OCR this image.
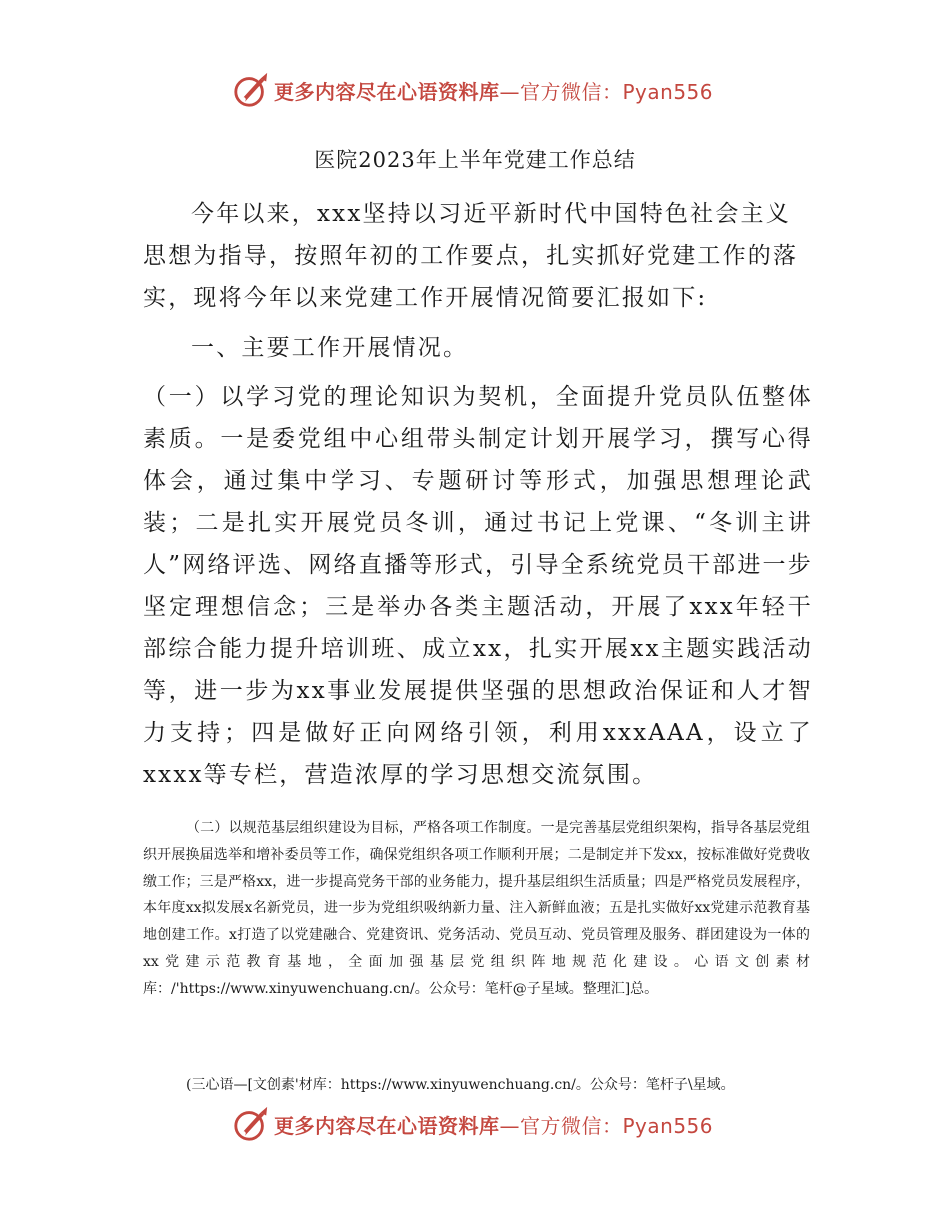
更多内容尽在心语资料库—官方微信：Pyan556
医院2023年上半年党建工作总结

今年以来，xxx坚持以习近平新时代中国特色社会主义思想为指导，按照年初的工作要点，扎实抓好党建工作的落实，现将今年以来党建工作开展情况简要汇报如下:

一、主要工作开展情况。

（一）以学习党的理论知识为契机，全面提升党员队伍整体素质。一是委党组中心组带头制定计划开展学习，撰写心得体会，通过集中学习、专题研讨等形式，加强思想理论武装；二是扎实开展党员冬训，通过书记上党课、“冬训主讲人”网络评选、网络直播等形式，引导全系统党员干部进一步坚定理想信念；三是举办各类主题活动，开展了xxx年轻干部综合能力提升培训班、成立xx，扎实开展xx主题实践活动等，进一步为xx事业发展提供坚强的思想政治保证和人才智力支持；四是做好正向网络引领，利用xxxAAA，设立了xxxx等专栏，营造浓厚的学习思想交流氛围。

（二）以规范基层组织建设为目标，严格各项工作制度。一是完善基层党组织架构，指导各基层党组织开展换届选举和增补委员等工作，确保党组织各项工作顺利开展；二是制定并下发xx，按标准做好党费收缴工作；三是严格xx，进一步提高党务干部的业务能力，提升基层组织生活质量；四是严格党员发展程序，本年度xx拟发展x名新党员，进一步为党组织吸纳新力量、注入新鲜血液；五是扎实做好xx党建示范教育基地创建工作。x打造了以党建融合、党建资讯、党务活动、党员互动、党员管理及服务、群团建设为一体的xx党建示范教育基地，全面加强基层党组织阵地规范化建设。心语文创素材库：/'https://www.xinyuwenchuang.cn/。公众号：笔杆@子星域。整理汇]总。

(三心语—[文创素'材库：https://www.xinyuwenchuang.cn/。公众号：笔杆子\星域。

更多内容尽在心语资料库—官方微信：Pyan556
